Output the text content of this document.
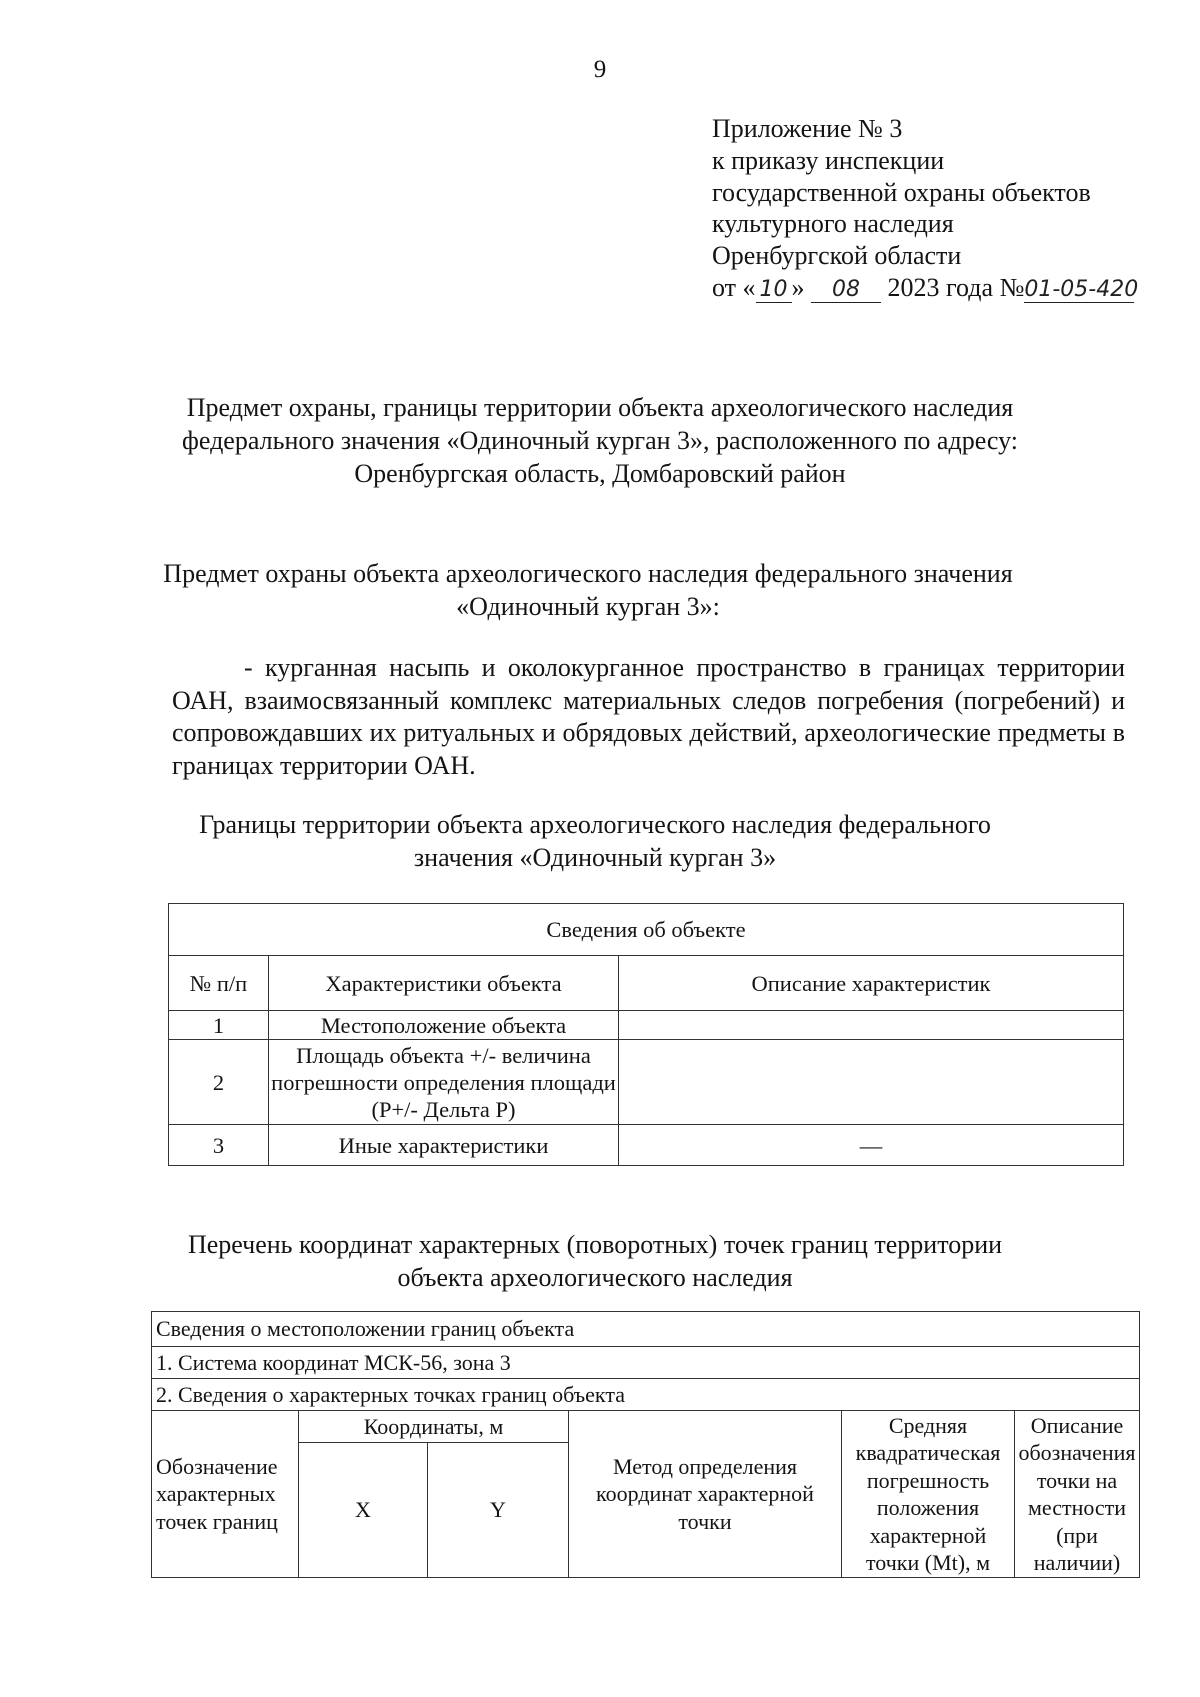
9
Приложение № 3
к приказу инспекции
государственной охраны объектов
культурного наследия
Оренбургской области
от « 10 » 08 2023 года №01-05-420
Предмет охраны, границы территории объекта археологического наследия
федерального значения «Одиночный курган 3», расположенного по адресу:
Оренбургская область, Домбаровский район
Предмет охраны объекта археологического наследия федерального значения
«Одиночный курган 3»:
- курганная насыпь и околокурганное пространство в границах территории ОАН, взаимосвязанный комплекс материальных следов погребения (погребений) и сопровождавших их ритуальных и обрядовых действий, археологические предметы в границах территории ОАН.
Границы территории объекта археологического наследия федерального
значения «Одиночный курган 3»
Сведения об объекте		
№ п/п	Характеристики объекта	Описание характеристик
1	Местоположение объекта	
2	Площадь объекта +/- величина погрешности определения площади (P+/- Дельта P)	
3	Иные характеристики	—
Перечень координат характерных (поворотных) точек границ территории
объекта археологического наследия
Сведения о местоположении границ объекта					
1. Система координат МСК-56, зона 3					
2. Сведения о характерных точках границ объекта					
Обозначение характерных точек границ	Координаты, м		Метод определения координат характерной точки	Средняя квадратическая погрешность положения характерной точки (Mt), м	Описание обозначения точки на местности (при наличии)
	X	Y			
